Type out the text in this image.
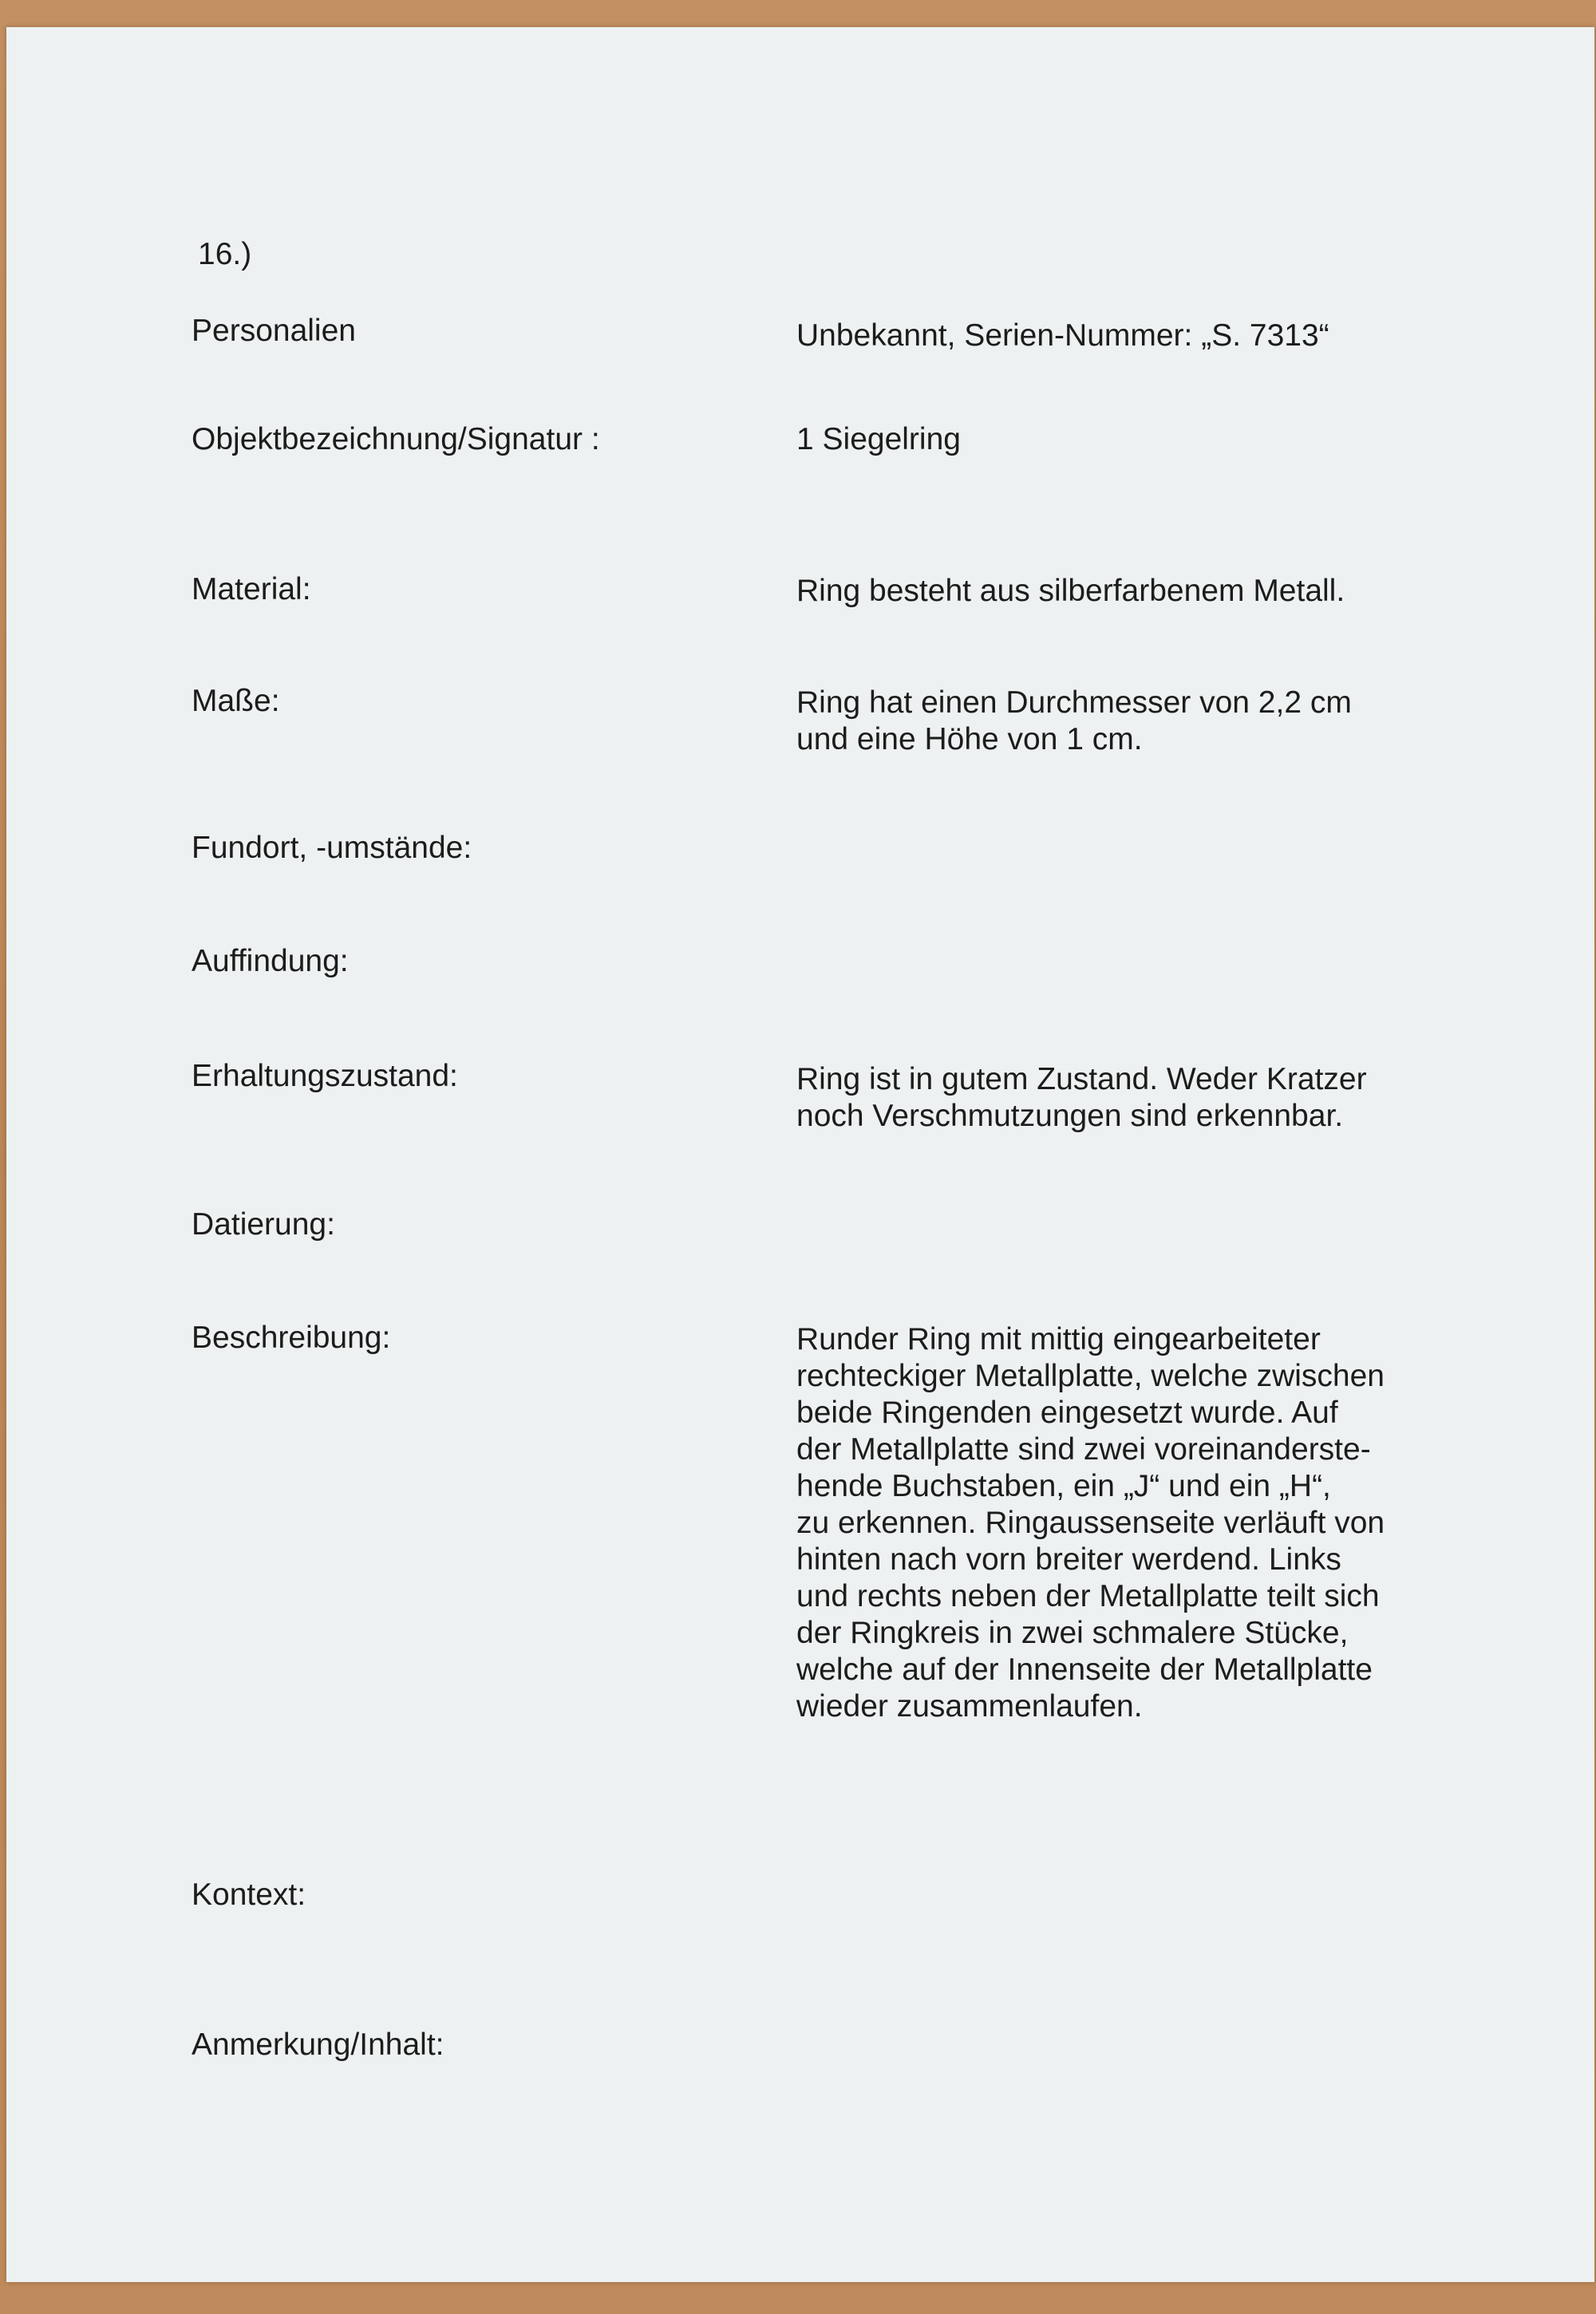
16.)
Personalien	Unbekannt, Serien-Nummer: „S. 7313“
Objektbezeichnung/Signatur :	1 Siegelring
Material:	Ring besteht aus silberfarbenem Metall.
Maße:	Ring hat einen Durchmesser von 2,2 cm
und eine Höhe von 1 cm.
Fundort, -umstände:
Auffindung:
Erhaltungszustand:	Ring ist in gutem Zustand. Weder Kratzer
noch Verschmutzungen sind erkennbar.
Datierung:
Beschreibung:	Runder Ring mit mittig eingearbeiteter
rechteckiger Metallplatte, welche zwischen
beide Ringenden eingesetzt wurde. Auf
der Metallplatte sind zwei voreinanderste-
hende Buchstaben, ein „J“ und ein „H“,
zu erkennen. Ringaussenseite verläuft von
hinten nach vorn breiter werdend. Links
und rechts neben der Metallplatte teilt sich
der Ringkreis in zwei schmalere Stücke,
welche auf der Innenseite der Metallplatte
wieder zusammenlaufen.
Kontext:
Anmerkung/Inhalt:
